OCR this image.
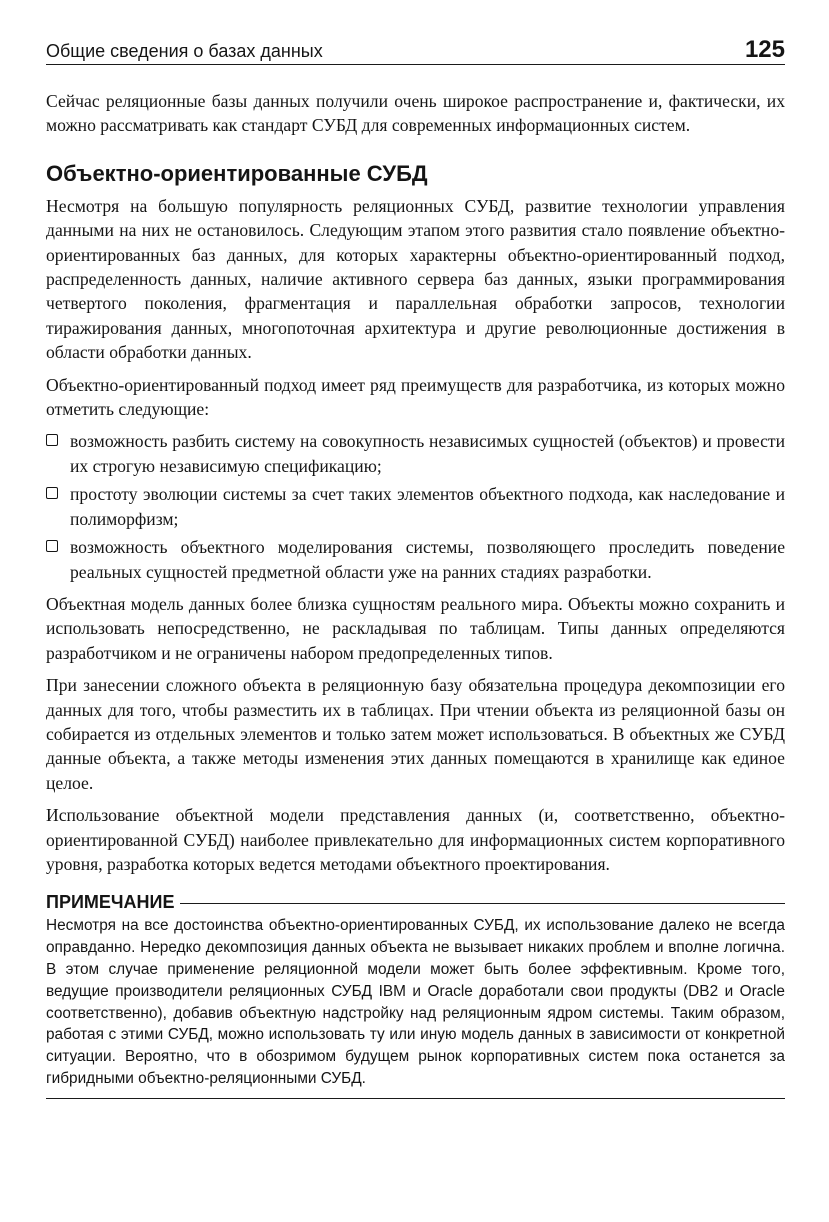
Общие сведения о базах данных	125

Сейчас реляционные базы данных получили очень широкое распространение и, фактически, их можно рассматривать как стандарт СУБД для современных информационных систем.

Объектно-ориентированные СУБД

Несмотря на большую популярность реляционных СУБД, развитие технологии управления данными на них не остановилось. Следующим этапом этого развития стало появление объектно-ориентированных баз данных, для которых характерны объектно-ориентированный подход, распределенность данных, наличие активного сервера баз данных, языки программирования четвертого поколения, фрагментация и параллельная обработки запросов, технологии тиражирования данных, многопоточная архитектура и другие революционные достижения в области обработки данных.

Объектно-ориентированный подход имеет ряд преимуществ для разработчика, из которых можно отметить следующие:

возможность разбить систему на совокупность независимых сущностей (объектов) и провести их строгую независимую спецификацию;
простоту эволюции системы за счет таких элементов объектного подхода, как наследование и полиморфизм;
возможность объектного моделирования системы, позволяющего проследить поведение реальных сущностей предметной области уже на ранних стадиях разработки.

Объектная модель данных более близка сущностям реального мира. Объекты можно сохранить и использовать непосредственно, не раскладывая по таблицам. Типы данных определяются разработчиком и не ограничены набором предопределенных типов.

При занесении сложного объекта в реляционную базу обязательна процедура декомпозиции его данных для того, чтобы разместить их в таблицах. При чтении объекта из реляционной базы он собирается из отдельных элементов и только затем может использоваться. В объектных же СУБД данные объекта, а также методы изменения этих данных помещаются в хранилище как единое целое.

Использование объектной модели представления данных (и, соответственно, объектно-ориентированной СУБД) наиболее привлекательно для информационных систем корпоративного уровня, разработка которых ведется методами объектного проектирования.

ПРИМЕЧАНИЕ

Несмотря на все достоинства объектно-ориентированных СУБД, их использование далеко не всегда оправданно. Нередко декомпозиция данных объекта не вызывает никаких проблем и вполне логична. В этом случае применение реляционной модели может быть более эффективным. Кроме того, ведущие производители реляционных СУБД IBM и Oracle доработали свои продукты (DB2 и Oracle соответственно), добавив объектную надстройку над реляционным ядром системы. Таким образом, работая с этими СУБД, можно использовать ту или иную модель данных в зависимости от конкретной ситуации. Вероятно, что в обозримом будущем рынок корпоративных систем пока останется за гибридными объектно-реляционными СУБД.
